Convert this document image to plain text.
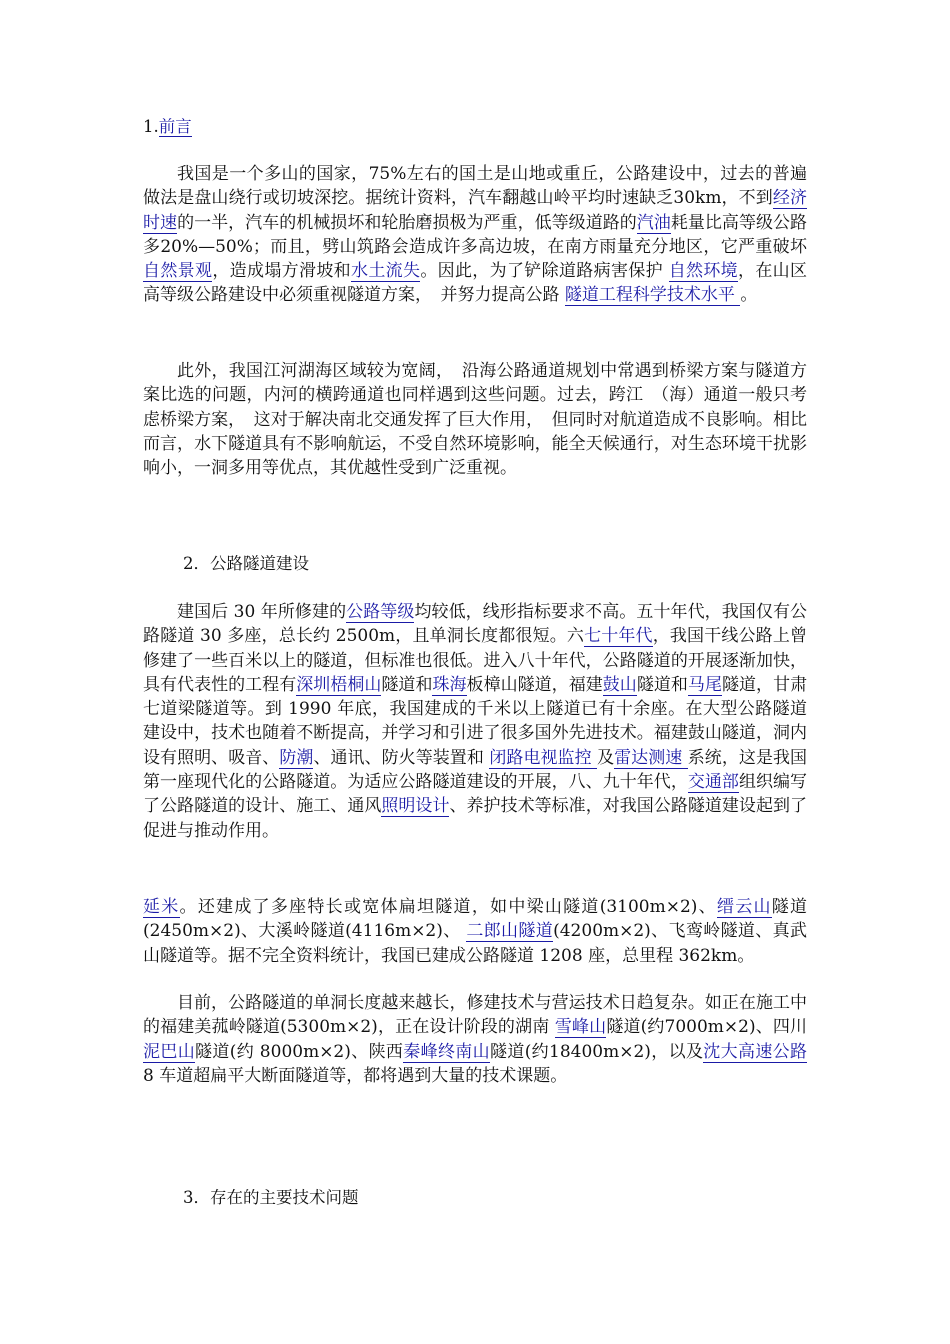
1.前言

我国是一个多山的国家，75%左右的国土是山地或重丘，公路建设中，过去的普遍做法是盘山绕行或切坡深挖。据统计资料，汽车翻越山岭平均时速缺乏30km，不到经济时速的一半，汽车的机械损坏和轮胎磨损极为严重，低等级道路的汽油耗量比高等级公路多20%—50%；而且，劈山筑路会造成许多高边坡，在南方雨量充分地区，它严重破坏自然景观，造成塌方滑坡和水土流失。因此，为了铲除道路病害保护 自然环境，在山区高等级公路建设中必须重视隧道方案，　并努力提高公路 隧道工程科学技术水平 。

此外，我国江河湖海区域较为宽阔，　沿海公路通道规划中常遇到桥梁方案与隧道方案比选的问题，内河的横跨通道也同样遇到这些问题。过去，跨江　（海）通道一般只考虑桥梁方案，　这对于解决南北交通发挥了巨大作用，　但同时对航道造成不良影响。相比而言，水下隧道具有不影响航运，不受自然环境影响，能全天候通行，对生态环境干扰影响小，一洞多用等优点，其优越性受到广泛重视。

2．公路隧道建设

建国后 30 年所修建的公路等级均较低，线形指标要求不高。五十年代，我国仅有公路隧道 30 多座，总长约 2500m，且单洞长度都很短。六七十年代，我国干线公路上曾修建了一些百米以上的隧道，但标准也很低。进入八十年代，公路隧道的开展逐渐加快，具有代表性的工程有深圳梧桐山隧道和珠海板樟山隧道，福建鼓山隧道和马尾隧道，甘肃七道梁隧道等。到 1990 年底，我国建成的千米以上隧道已有十余座。在大型公路隧道建设中，技术也随着不断提高，并学习和引进了很多国外先进技术。福建鼓山隧道，洞内设有照明、吸音、防潮、通讯、防火等装置和 闭路电视监控 及雷达测速 系统，这是我国第一座现代化的公路隧道。为适应公路隧道建设的开展，八、九十年代，交通部组织编写了公路隧道的设计、施工、通风照明设计、养护技术等标准，对我国公路隧道建设起到了促进与推动作用。

延米。还建成了多座特长或宽体扁坦隧道，如中梁山隧道(3100m×2)、缙云山隧道(2450m×2)、大溪岭隧道(4116m×2)、 二郎山隧道(4200m×2)、飞鸾岭隧道、真武山隧道等。据不完全资料统计，我国已建成公路隧道 1208 座，总里程 362km。

目前，公路隧道的单洞长度越来越长，修建技术与营运技术日趋复杂。如正在施工中的福建美菰岭隧道(5300m×2)，正在设计阶段的湖南 雪峰山隧道(约7000m×2)、四川泥巴山隧道(约 8000m×2)、陕西秦峰终南山隧道(约18400m×2)，以及沈大高速公路 8 车道超扁平大断面隧道等，都将遇到大量的技术课题。

3．存在的主要技术问题
